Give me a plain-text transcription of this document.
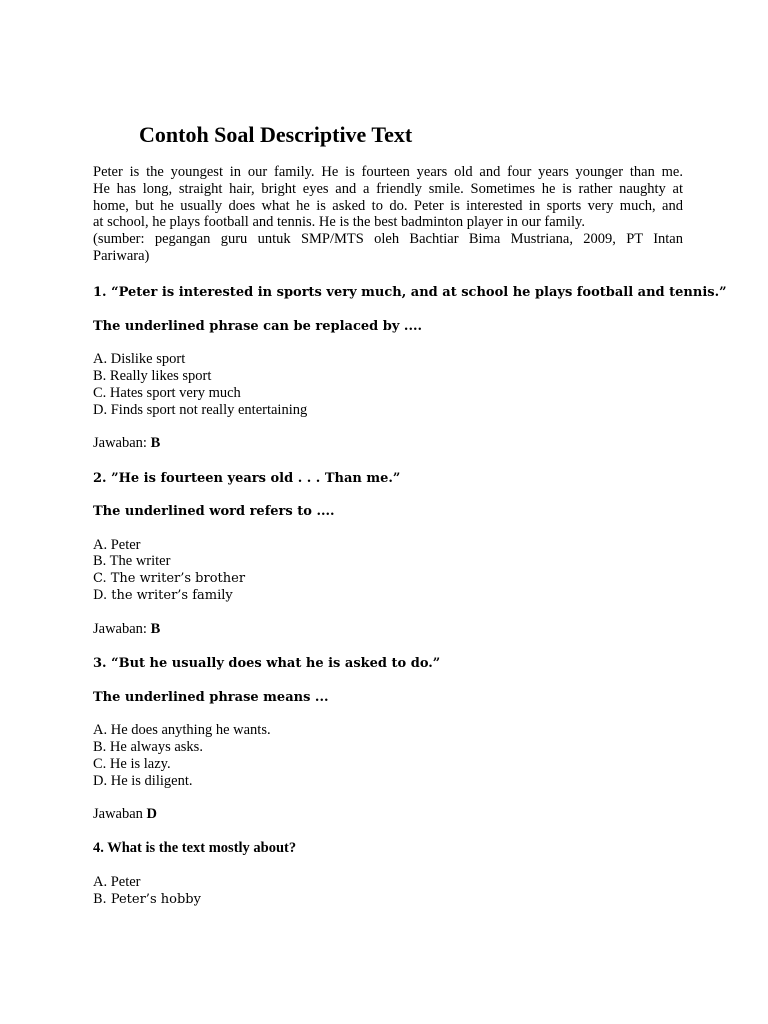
Contoh Soal Descriptive Text
Peter is the youngest in our family. He is fourteen years old and four years younger than me.
He has long, straight hair, bright eyes and a friendly smile. Sometimes he is rather naughty at
home, but he usually does what he is asked to do. Peter is interested in sports very much, and
at school, he plays football and tennis. He is the best badminton player in our family.
(sumber: pegangan guru untuk SMP/MTS oleh Bachtiar Bima Mustriana, 2009, PT Intan
Pariwara)
1. “Peter is interested in sports very much, and at school he plays football and tennis.”
The underlined phrase can be replaced by ....
A. Dislike sport
B. Really likes sport
C. Hates sport very much
D. Finds sport not really entertaining
Jawaban: B
2. ”He is fourteen years old . . . Than me.”
The underlined word refers to ....
A. Peter
B. The writer
C. The writer’s brother
D. the writer’s family
Jawaban: B
3. “But he usually does what he is asked to do.”
The underlined phrase means ...
A. He does anything he wants.
B. He always asks.
C. He is lazy.
D. He is diligent.
Jawaban D
4. What is the text mostly about?
A. Peter
B. Peter’s hobby
